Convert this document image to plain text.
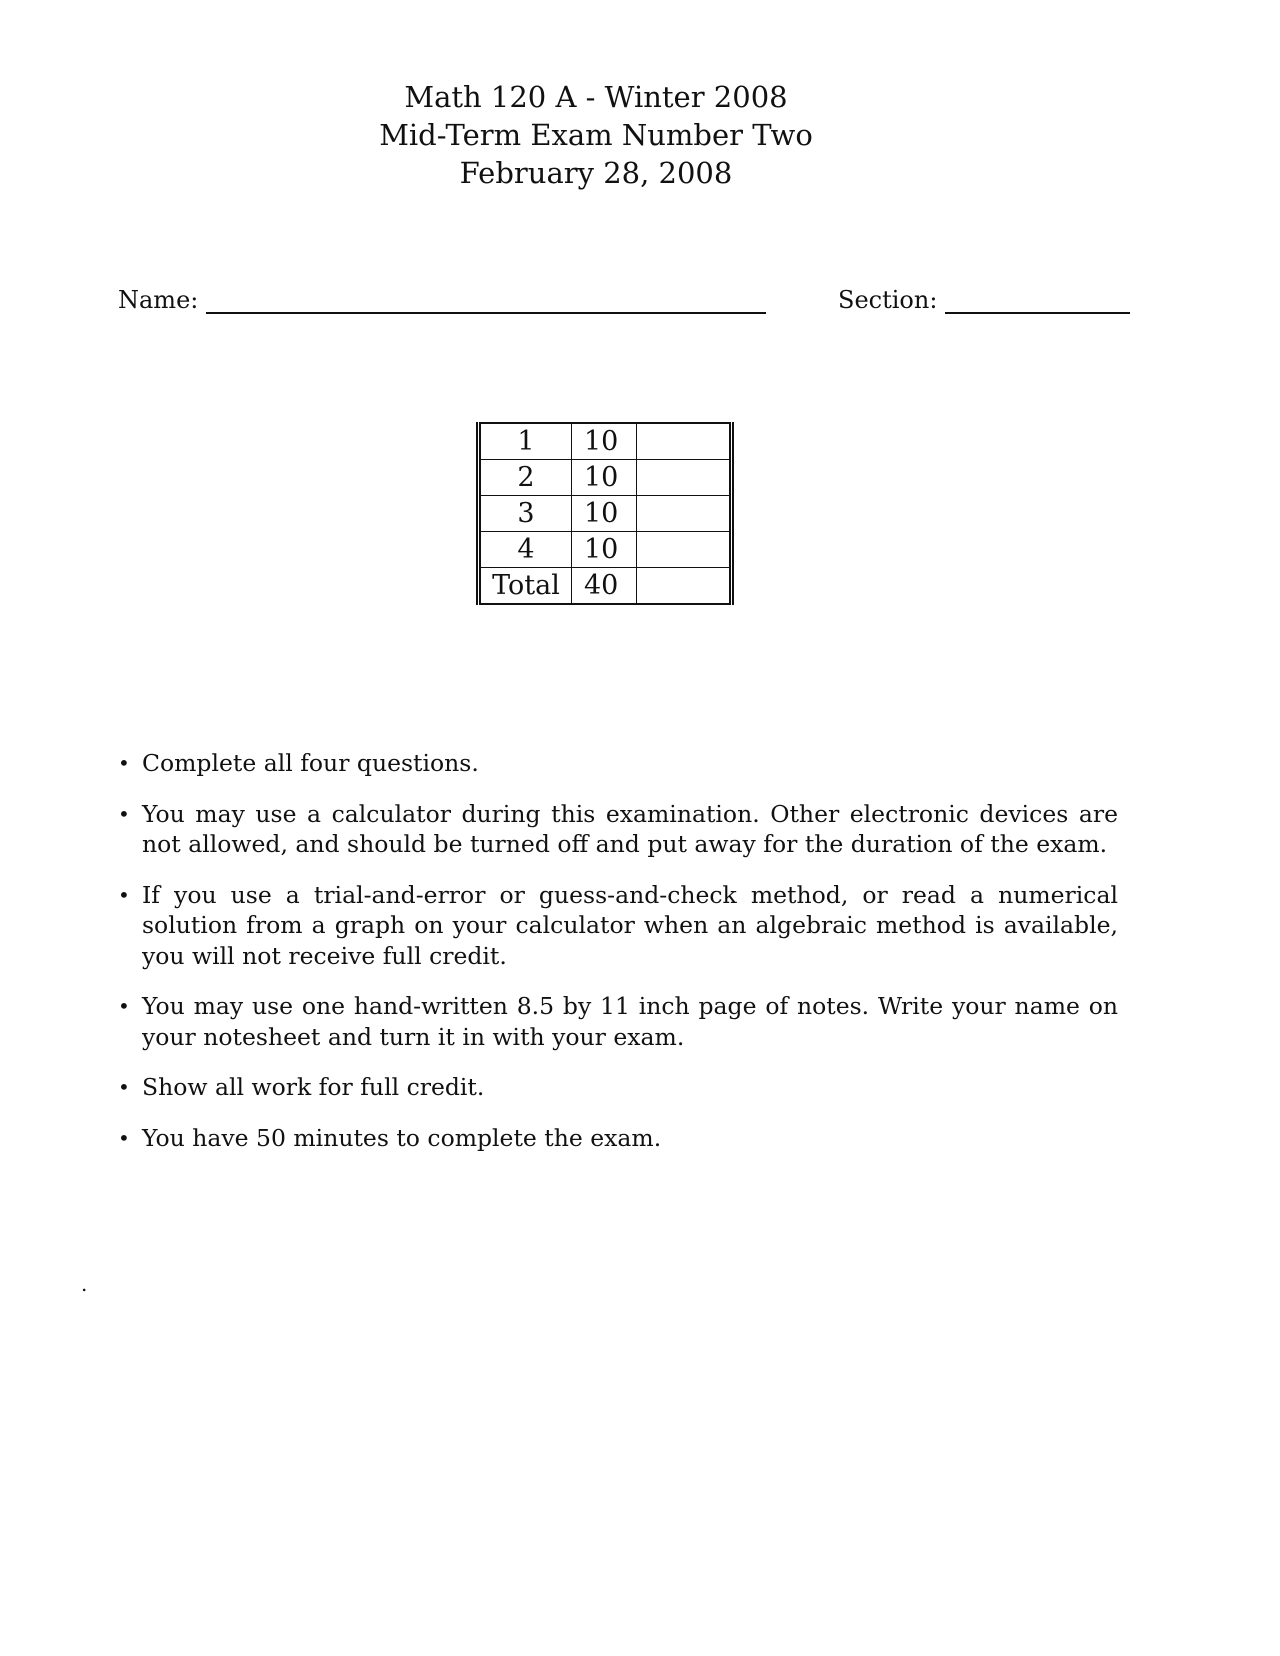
Math 120 A - Winter 2008
Mid-Term Exam Number Two
February 28, 2008
Name:	Section:
1	10	
2	10	
3	10	
4	10	
Total	40	
• Complete all four questions.
• You may use a calculator during this examination. Other electronic devices are not allowed, and should be turned off and put away for the duration of the exam.
• If you use a trial-and-error or guess-and-check method, or read a numerical solution from a graph on your calculator when an algebraic method is available, you will not receive full credit.
• You may use one hand-written 8.5 by 11 inch page of notes. Write your name on your notesheet and turn it in with your exam.
• Show all work for full credit.
• You have 50 minutes to complete the exam.
.
